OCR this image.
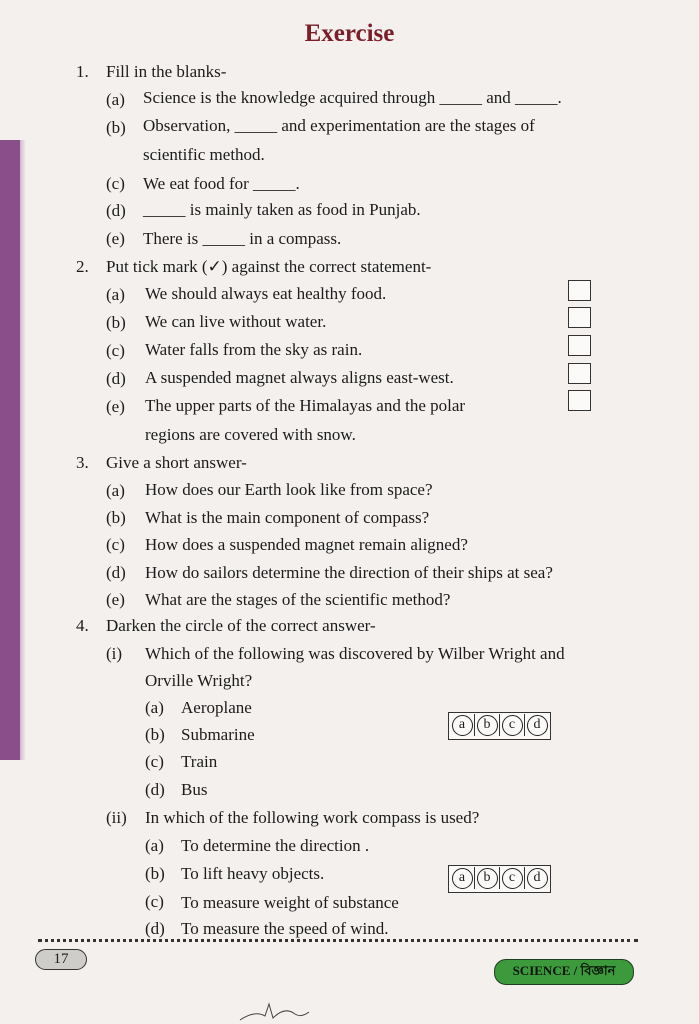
Exercise
1. Fill in the blanks-
(a) Science is the knowledge acquired through _____ and _____.
(b) Observation, _____ and experimentation are the stages of
scientific method.
(c) We eat food for _____.
(d) _____ is mainly taken as food in Punjab.
(e) There is _____ in a compass.
2. Put tick mark (✓) against the correct statement-
(a) We should always eat healthy food.
(b) We can live without water.
(c) Water falls from the sky as rain.
(d) A suspended magnet always aligns east-west.
(e) The upper parts of the Himalayas and the polar
regions are covered with snow.
3. Give a short answer-
(a) How does our Earth look like from space?
(b) What is the main component of compass?
(c) How does a suspended magnet remain aligned?
(d) How do sailors determine the direction of their ships at sea?
(e) What are the stages of the scientific method?
4. Darken the circle of the correct answer-
(i) Which of the following was discovered by Wilber Wright and
Orville Wright?
(a) Aeroplane
(b) Submarine
(c) Train
(d) Bus
a	b	c	d
(ii) In which of the following work compass is used?
(a) To determine the direction .
(b) To lift heavy objects.
(c) To measure weight of substance
(d) To measure the speed of wind.
a	b	c	d
17
SCIENCE / বিজ্ঞান
